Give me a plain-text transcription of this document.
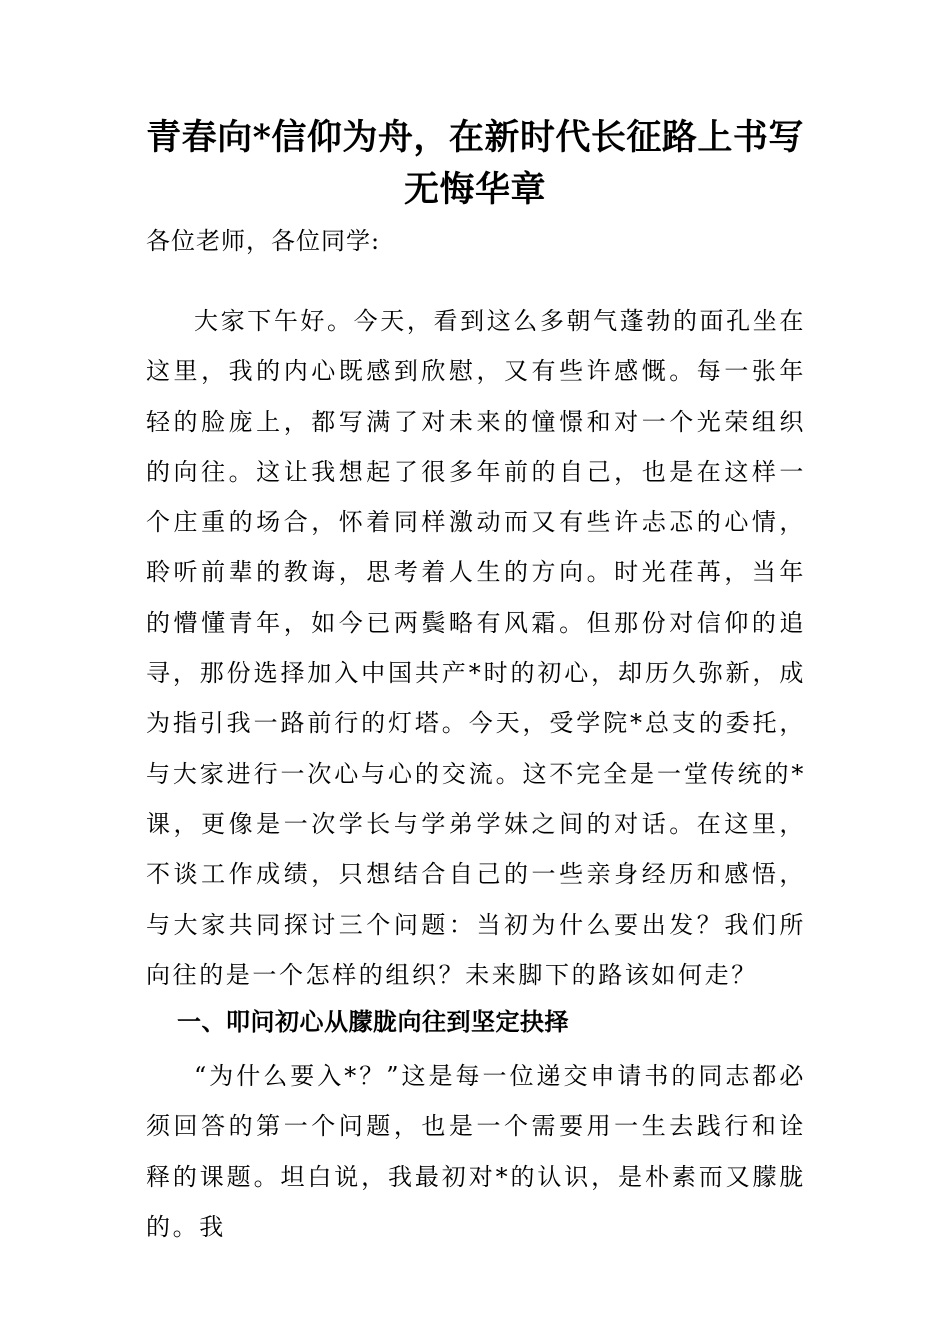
青春向*信仰为舟，在新时代长征路上书写无悔华章

各位老师，各位同学:

大家下午好。今天，看到这么多朝气蓬勃的面孔坐在这里，我的内心既感到欣慰，又有些许感慨。每一张年轻的脸庞上，都写满了对未来的憧憬和对一个光荣组织的向往。这让我想起了很多年前的自己，也是在这样一个庄重的场合，怀着同样激动而又有些许忐忑的心情，聆听前辈的教诲，思考着人生的方向。时光荏苒，当年的懵懂青年，如今已两鬓略有风霜。但那份对信仰的追寻，那份选择加入中国共产*时的初心，却历久弥新，成为指引我一路前行的灯塔。今天，受学院*总支的委托，与大家进行一次心与心的交流。这不完全是一堂传统的*课，更像是一次学长与学弟学妹之间的对话。在这里，不谈工作成绩，只想结合自己的一些亲身经历和感悟，与大家共同探讨三个问题：当初为什么要出发？我们所向往的是一个怎样的组织？未来脚下的路该如何走？

一、叩问初心从朦胧向往到坚定抉择

“为什么要入*？”这是每一位递交申请书的同志都必须回答的第一个问题，也是一个需要用一生去践行和诠释的课题。坦白说，我最初对*的认识，是朴素而又朦胧的。我
